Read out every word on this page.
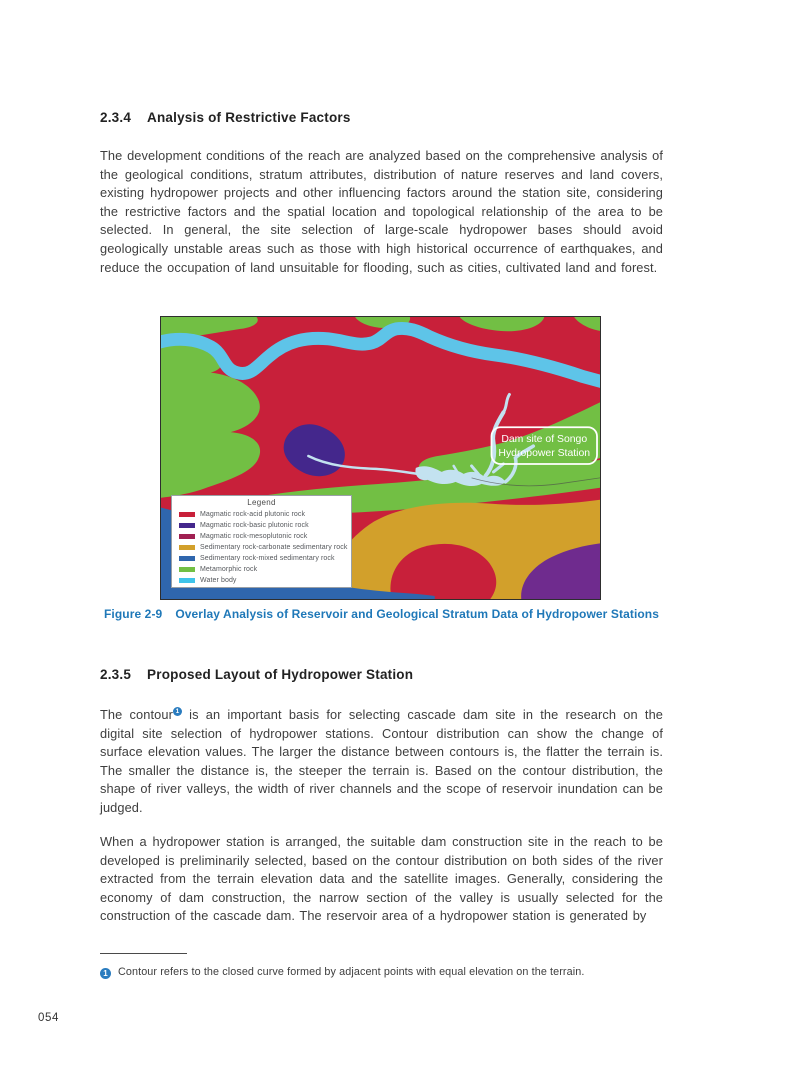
2.3.4 Analysis of Restrictive Factors

The development conditions of the reach are analyzed based on the comprehensive analysis of the geological conditions, stratum attributes, distribution of nature reserves and land covers, existing hydropower projects and other influencing factors around the station site, considering the restrictive factors and the spatial location and topological relationship of the area to be selected. In general, the site selection of large-scale hydropower bases should avoid geologically unstable areas such as those with high historical occurrence of earthquakes, and reduce the occupation of land unsuitable for flooding, such as cities, cultivated land and forest.

Dam site of Songo
Hydropower Station
Legend
Magmatic rock-acid plutonic rock
Magmatic rock-basic plutonic rock
Magmatic rock-mesoplutonic rock
Sedimentary rock-carbonate sedimentary rock
Sedimentary rock-mixed sedimentary rock
Metamorphic rock
Water body
Figure 2-9 Overlay Analysis of Reservoir and Geological Stratum Data of Hydropower Stations
2.3.5 Proposed Layout of Hydropower Station

The contour 1 is an important basis for selecting cascade dam site in the research on the digital site selection of hydropower stations. Contour distribution can show the change of surface elevation values. The larger the distance between contours is, the flatter the terrain is. The smaller the distance is, the steeper the terrain is. Based on the contour distribution, the shape of river valleys, the width of river channels and the scope of reservoir inundation can be judged.

When a hydropower station is arranged, the suitable dam construction site in the reach to be developed is preliminarily selected, based on the contour distribution on both sides of the river extracted from the terrain elevation data and the satellite images. Generally, considering the economy of dam construction, the narrow section of the valley is usually selected for the construction of the cascade dam. The reservoir area of a hydropower station is generated by

1 Contour refers to the closed curve formed by adjacent points with equal elevation on the terrain.
054
